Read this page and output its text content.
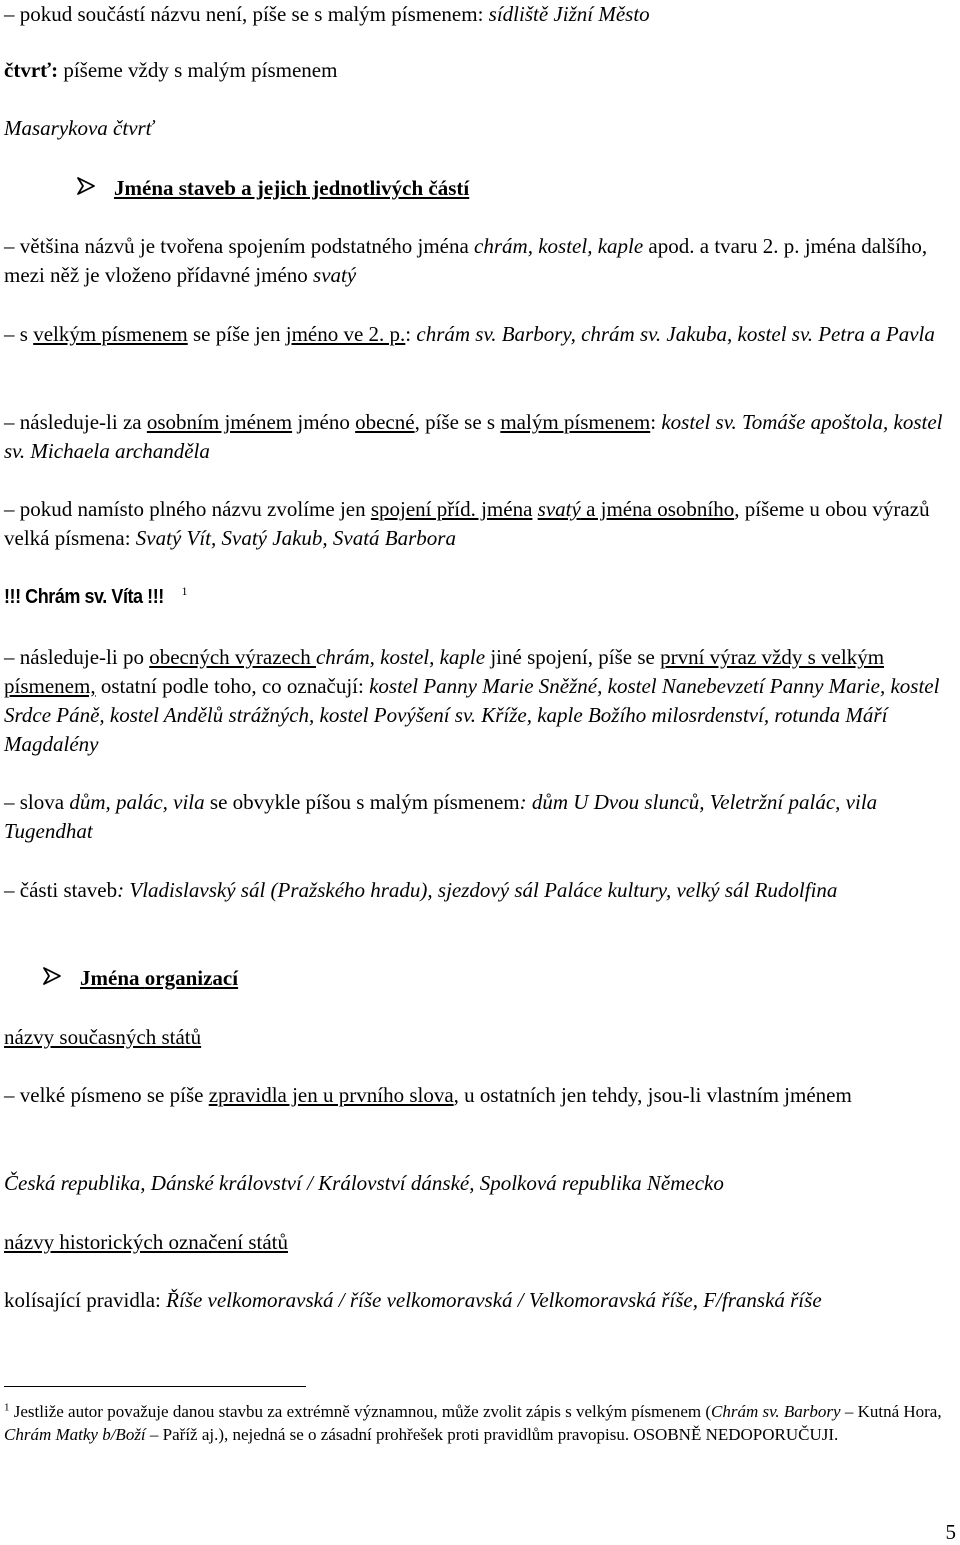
– pokud součástí názvu není, píše se s malým písmenem: sídliště Jižní Město

čtvrť: píšeme vždy s malým písmenem

Masarykova čtvrť

Jména staveb a jejich jednotlivých částí

– většina názvů je tvořena spojením podstatného jména chrám, kostel, kaple apod. a tvaru 2. p. jména dalšího, mezi něž je vloženo přídavné jméno svatý

– s velkým písmenem se píše jen jméno ve 2. p.: chrám sv. Barbory, chrám sv. Jakuba, kostel sv. Petra a Pavla

– následuje-li za osobním jménem jméno obecné, píše se s malým písmenem: kostel sv. Tomáše apoštola, kostel sv. Michaela archanděla

– pokud namísto plného názvu zvolíme jen spojení příd. jména svatý a jména osobního, píšeme u obou výrazů velká písmena: Svatý Vít, Svatý Jakub, Svatá Barbora

!!! Chrám sv. Víta !!! $^1$

– následuje-li po obecných výrazech chrám, kostel, kaple jiné spojení, píše se první výraz vždy s velkým písmenem, ostatní podle toho, co označují: kostel Panny Marie Sněžné, kostel Nanebevzetí Panny Marie, kostel Srdce Páně, kostel Andělů strážných, kostel Povýšení sv. Kříže, kaple Božího milosrdenství, rotunda Máří Magdalény

– slova dům, palác, vila se obvykle píšou s malým písmenem: dům U Dvou slunců, Veletržní palác, vila Tugendhat

– části staveb: Vladislavský sál (Pražského hradu), sjezdový sál Paláce kultury, velký sál Rudolfina

Jména organizací

názvy současných států

– velké písmeno se píše zpravidla jen u prvního slova, u ostatních jen tehdy, jsou-li vlastním jménem

Česká republika, Dánské království / Království dánské, Spolková republika Německo

názvy historických označení států

kolísající pravidla: Říše velkomoravská / říše velkomoravská / Velkomoravská říše, F/franská říše

$^1$ Jestliže autor považuje danou stavbu za extrémně významnou, může zvolit zápis s velkým písmenem (Chrám sv. Barbory – Kutná Hora, Chrám Matky b/Boží – Paříž aj.), nejedná se o zásadní prohřešek proti pravidlům pravopisu. OSOBNĚ NEDOPORUČUJI.

5
